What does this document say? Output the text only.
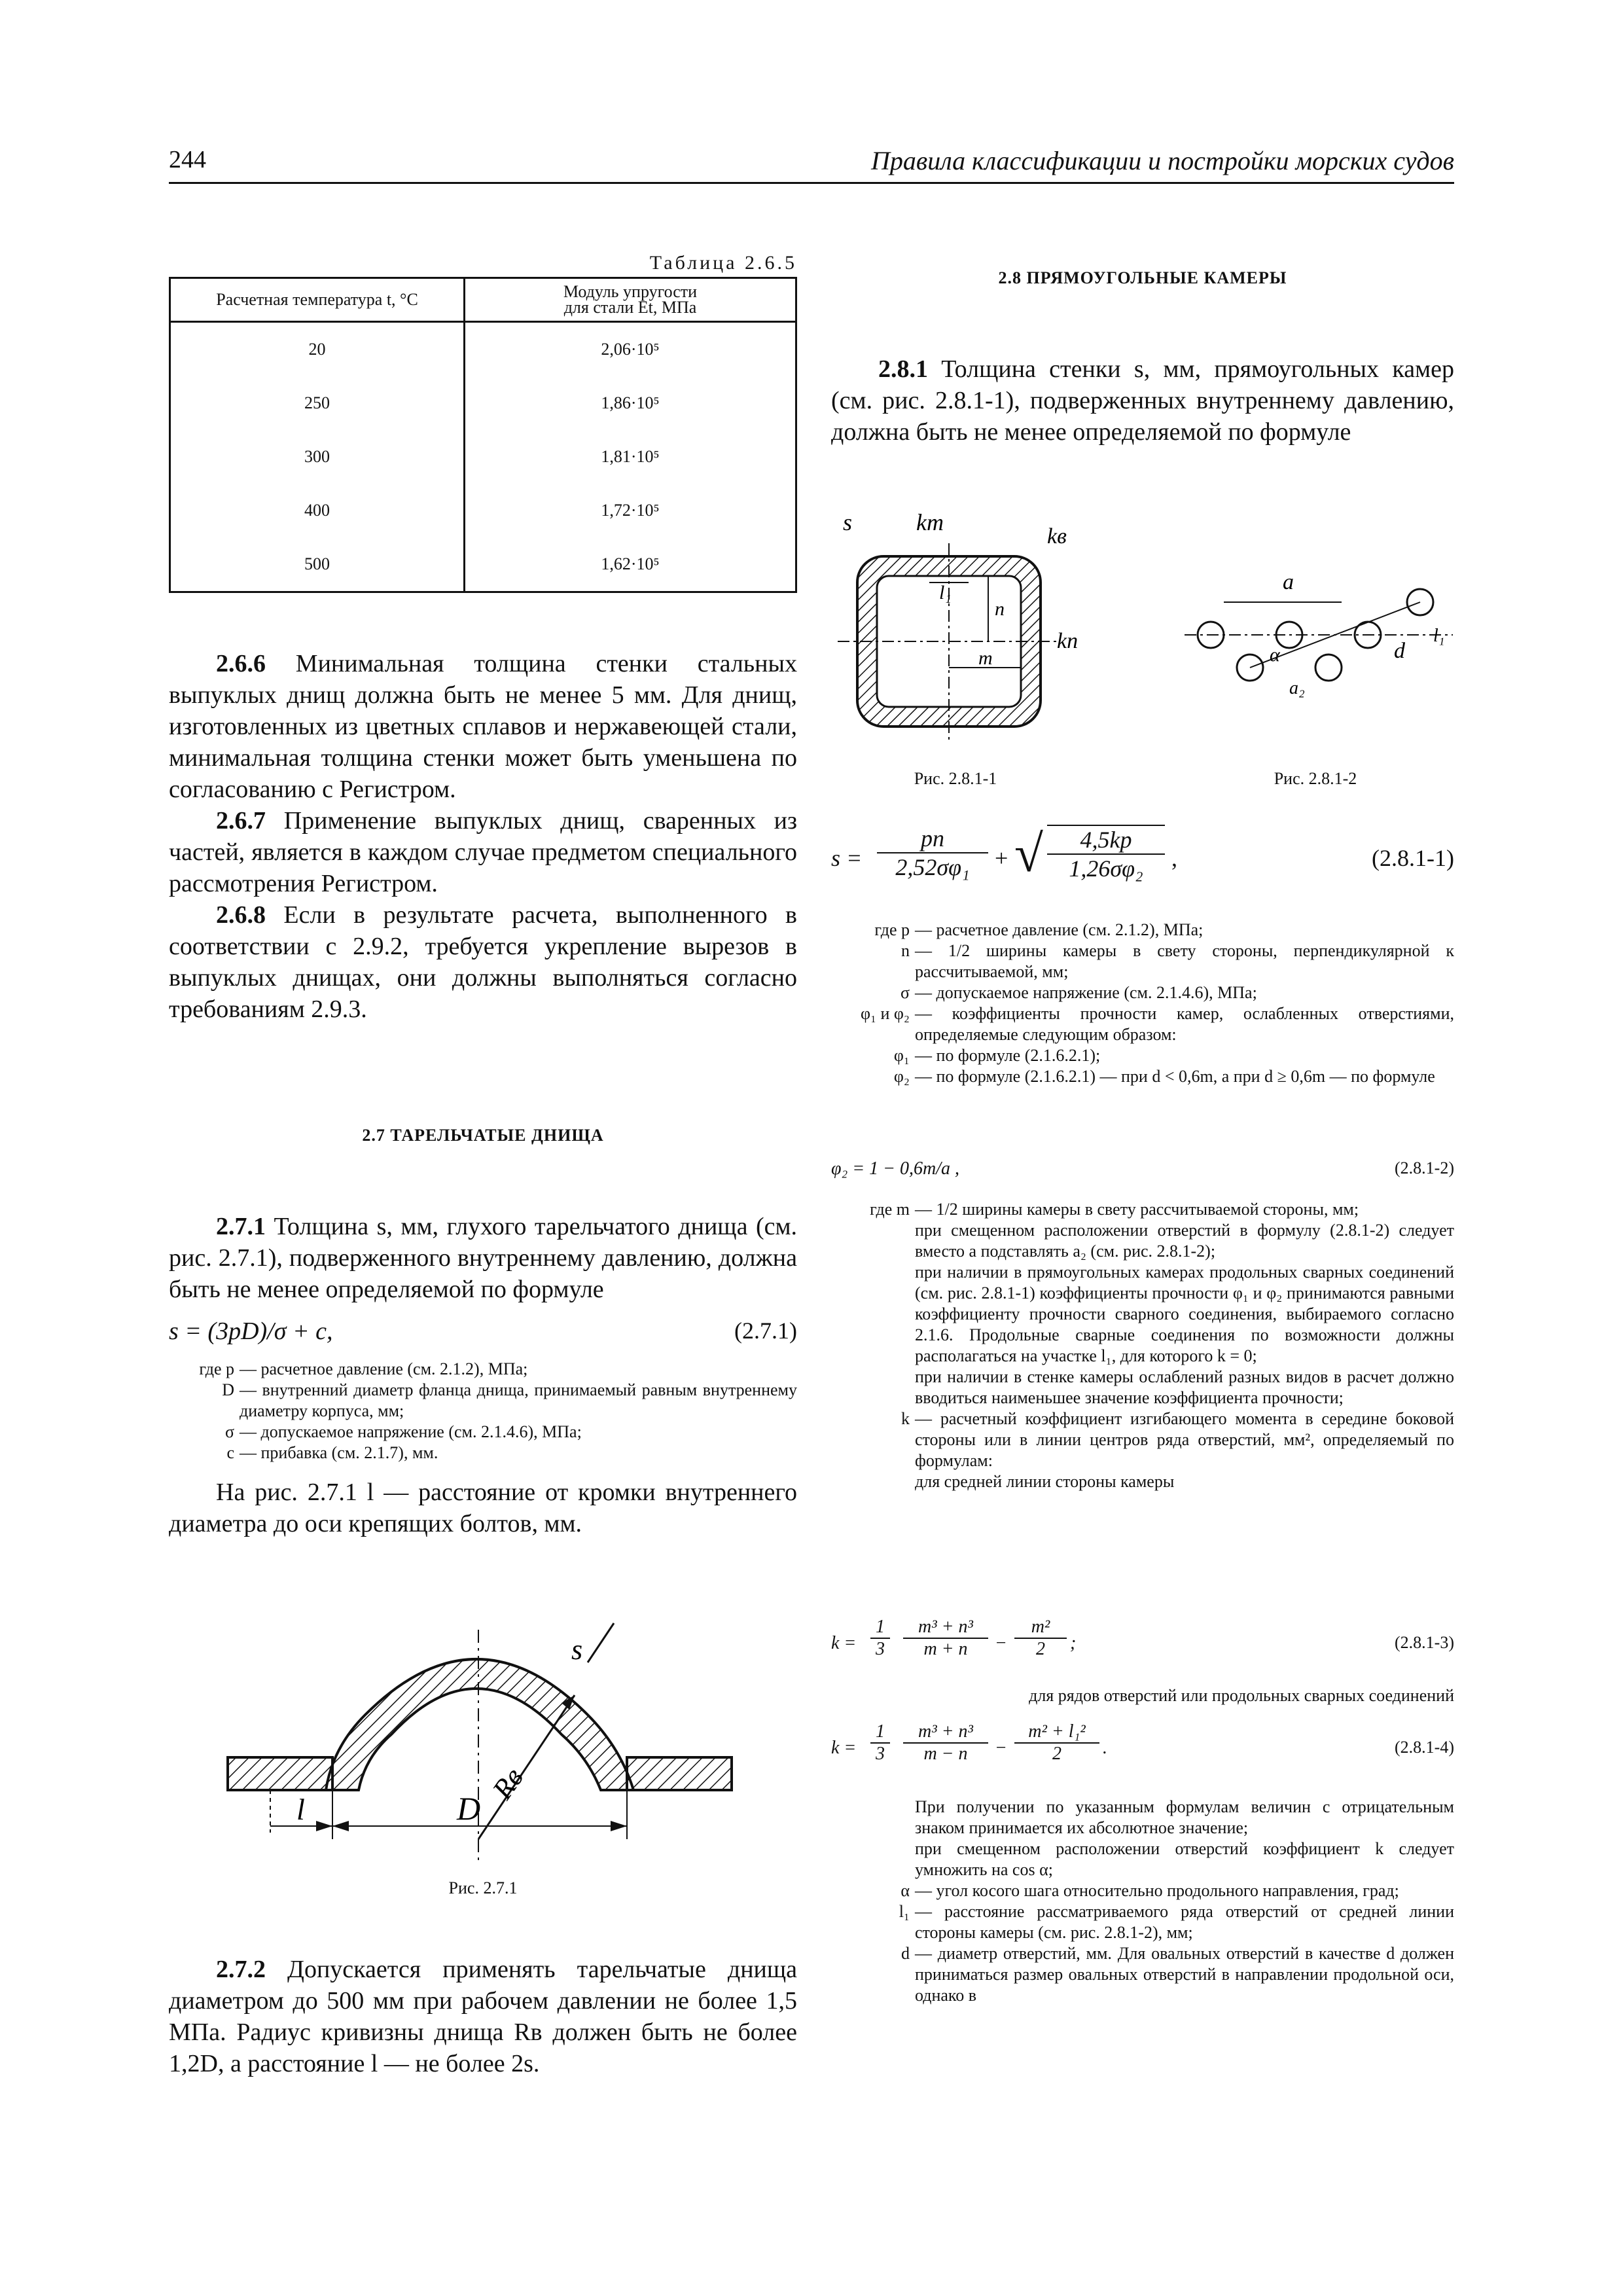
244	Правила классификации и постройки морских судов
Таблица 2.6.5
Расчетная температура t, °C	Модуль упругости
для стали Et, МПа

20	2,06·10⁵
250	1,86·10⁵
300	1,81·10⁵
400	1,72·10⁵
500	1,62·10⁵

2.6.6 Минимальная толщина стенки стальных выпуклых днищ должна быть не менее 5 мм. Для днищ, изготовленных из цветных сплавов и нержавеющей стали, минимальная толщина стенки может быть уменьшена по согласованию с Регистром.

2.6.7 Применение выпуклых днищ, сваренных из частей, является в каждом случае предметом специального рассмотрения Регистром.

2.6.8 Если в результате расчета, выполненного в соответствии с 2.9.2, требуется укрепление вырезов в выпуклых днищах, они должны выполняться согласно требованиям 2.9.3.

2.7 ТАРЕЛЬЧАТЫЕ ДНИЩА

2.7.1 Толщина s, мм, глухого тарельчатого днища (см. рис. 2.7.1), подверженного внутреннему давлению, должна быть не менее определяемой по формуле

s = (3pD)/σ + c,	(2.7.1)
где p — расчетное давление (см. 2.1.2), МПа;
D — внутренний диаметр фланца днища, принимаемый равным внутреннему диаметру корпуса, мм;
σ — допускаемое напряжение (см. 2.1.4.6), МПа;
c — прибавка (см. 2.1.7), мм.

На рис. 2.7.1 l — расстояние от кромки внутреннего диаметра до оси крепящих болтов, мм.

Rв
s
l	D
Рис. 2.7.1

2.7.2 Допускается применять тарельчатые днища диаметром до 500 мм при рабочем давлении не более 1,5 МПа. Радиус кривизны днища Rв должен быть не более 1,2D, а расстояние l — не более 2s.

2.8 ПРЯМОУГОЛЬНЫЕ КАМЕРЫ

2.8.1 Толщина стенки s, мм, прямоугольных камер (см. рис. 2.8.1-1), подверженных внутреннему давлению, должна быть не менее определяемой по формуле

s	km
kв
kn
l₁
m
n
a
d
l₁
α
a₂
Рис. 2.8.1-1	Рис. 2.8.1-2
s =
pn
2,52σφ₁	+ √	4,5kp
1,26σφ₂	,	(2.8.1-1)
где p — расчетное давление (см. 2.1.2), МПа;
n — 1/2 ширины камеры в свету стороны, перпендикулярной к рассчитываемой, мм;
σ — допускаемое напряжение (см. 2.1.4.6), МПа;
φ₁ и φ₂ — коэффициенты прочности камер, ослабленных отверстиями, определяемые следующим образом:
φ₁ — по формуле (2.1.6.2.1);
φ₂ — по формуле (2.1.6.2.1) — при d < 0,6m, а при d ≥ 0,6m — по формуле
φ₂ = 1 − 0,6m/a ,	(2.8.1-2)
где m — 1/2 ширины камеры в свету рассчитываемой стороны, мм;
при смещенном расположении отверстий в формулу (2.8.1-2) следует вместо a подставлять a₂ (см. рис. 2.8.1-2);
при наличии в прямоугольных камерах продольных сварных соединений (см. рис. 2.8.1-1) коэффициенты прочности φ₁ и φ₂ принимаются равными коэффициенту прочности сварного соединения, выбираемого согласно 2.1.6. Продольные сварные соединения по возможности должны располагаться на участке l₁, для которого k = 0;
при наличии в стенке камеры ослаблений разных видов в расчет должно вводиться наименьшее значение коэффициента прочности;
k — расчетный коэффициент изгибающего момента в середине боковой стороны или в линии центров ряда отверстий, мм², определяемый по формулам:
для средней линии стороны камеры
k =
1
3
m³ + n³
m + n	−
m²
2	;	(2.8.1-3)
для рядов отверстий или продольных сварных соединений
k =
1
3
m³ + n³
m − n	−
m² + l₁²
2	.	(2.8.1-4)
При получении по указанным формулам величин с отрицательным знаком принимается их абсолютное значение;
при смещенном расположении отверстий коэффициент k следует умножить на cos α;
α — угол косого шага относительно продольного направления, град;
l₁ — расстояние рассматриваемого ряда отверстий от средней линии стороны камеры (см. рис. 2.8.1-2), мм;
d — диаметр отверстий, мм. Для овальных отверстий в качестве d должен приниматься размер овальных отверстий в направлении продольной оси, однако в
